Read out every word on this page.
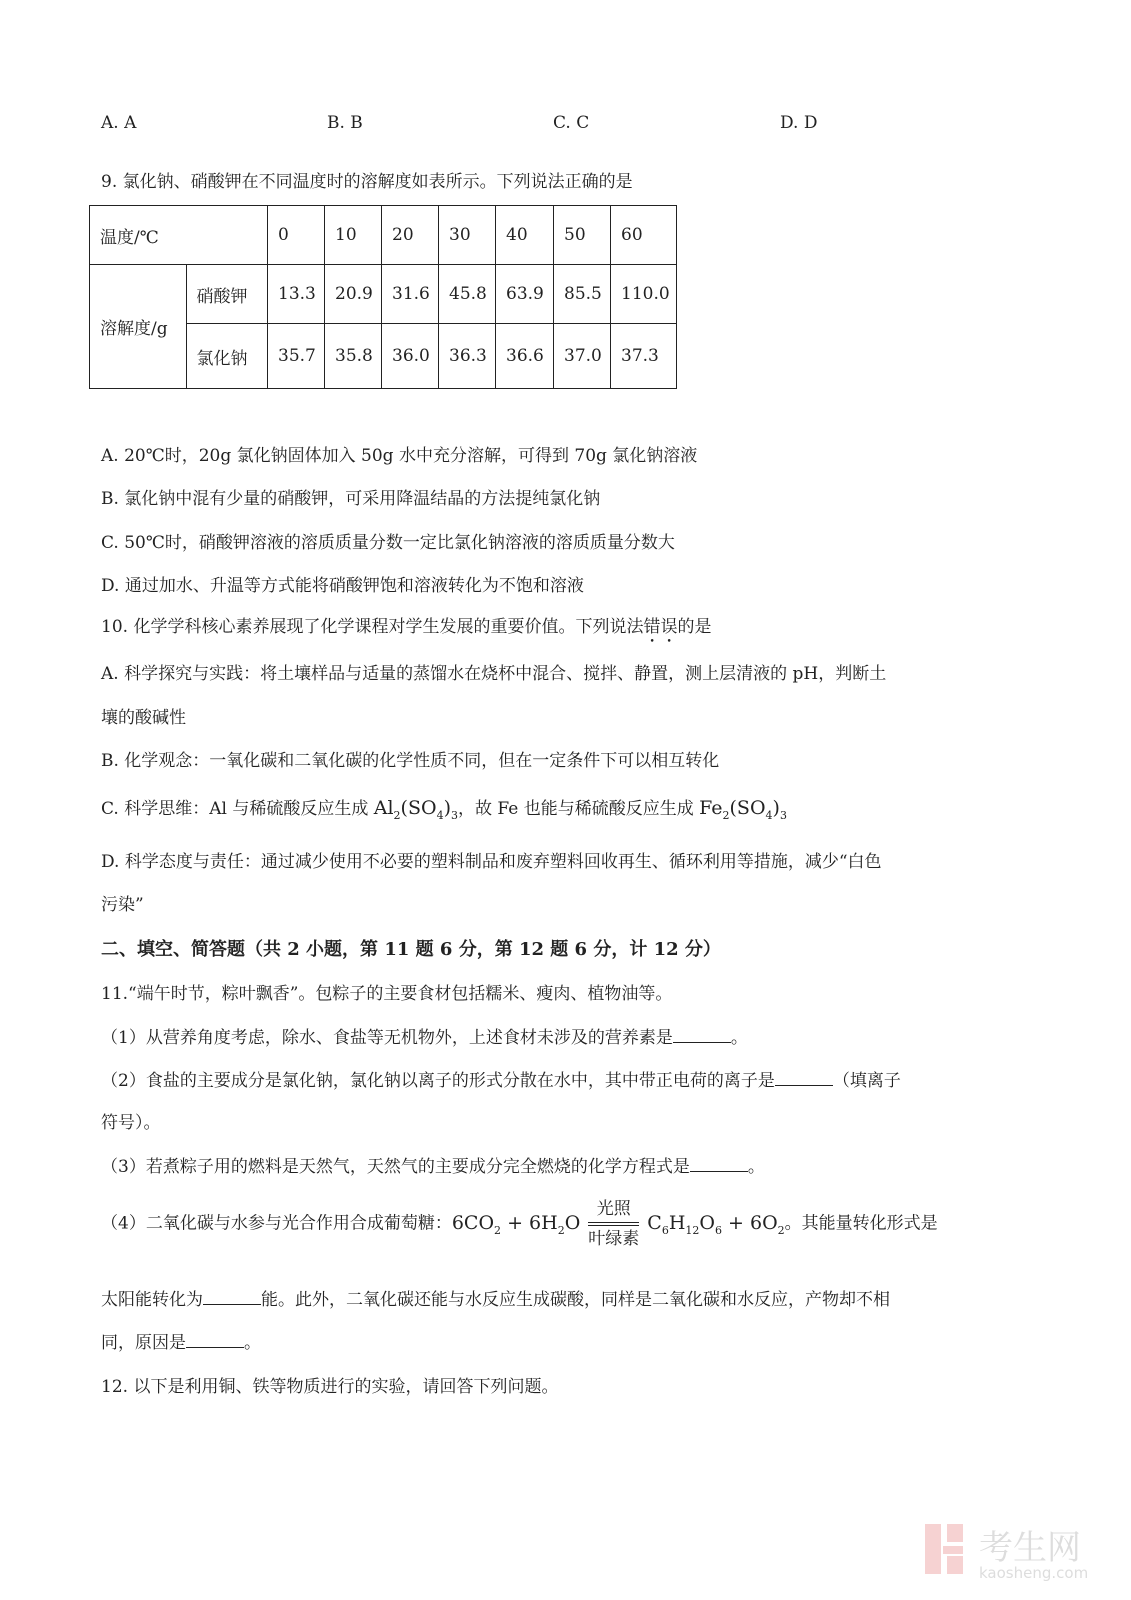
A. A	B. B	C. C	D. D
9. 氯化钠、硝酸钾在不同温度时的溶解度如表所示。下列说法正确的是
温度/℃		0	10	20	30	40	50	60
溶解度/g	硝酸钾	13.3	20.9	31.6	45.8	63.9	85.5	110.0
	氯化钠	35.7	35.8	36.0	36.3	36.6	37.0	37.3
A. 20℃时，20g 氯化钠固体加入 50g 水中充分溶解，可得到 70g 氯化钠溶液
B. 氯化钠中混有少量的硝酸钾，可采用降温结晶的方法提纯氯化钠
C. 50℃时，硝酸钾溶液的溶质质量分数一定比氯化钠溶液的溶质质量分数大
D. 通过加水、升温等方式能将硝酸钾饱和溶液转化为不饱和溶液
10. 化学学科核心素养展现了化学课程对学生发展的重要价值。下列说法错误的是
A. 科学探究与实践：将土壤样品与适量的蒸馏水在烧杯中混合、搅拌、静置，测上层清液的 pH，判断土
壤的酸碱性
B. 化学观念：一氧化碳和二氧化碳的化学性质不同，但在一定条件下可以相互转化
C. 科学思维：Al 与稀硫酸反应生成 $Al_2(SO_4)_3$，故 Fe 也能与稀硫酸反应生成 $Fe_2(SO_4)_3$
D. 科学态度与责任：通过减少使用不必要的塑料制品和废弃塑料回收再生、循环利用等措施，减少“白色
污染”
二、填空、简答题（共 2 小题，第 11 题 6 分，第 12 题 6 分，计 12 分）
11.“端午时节，粽叶飘香”。包粽子的主要食材包括糯米、瘦肉、植物油等。
（1）从营养角度考虑，除水、食盐等无机物外，上述食材未涉及的营养素是	。
（2）食盐的主要成分是氯化钠，氯化钠以离子的形式分散在水中，其中带正电荷的离子是	（填离子
符号）。
（3）若煮粽子用的燃料是天然气，天然气的主要成分完全燃烧的化学方程式是	。
（4）二氧化碳与水参与光合作用合成葡萄糖：$6CO_2 + 6H_2O \frac{\text{光照}}{\text{叶绿素}} C_6H_{12}O_6 + 6O_2$。其能量转化形式是
太阳能转化为	能。此外，二氧化碳还能与水反应生成碳酸，同样是二氧化碳和水反应，产物却不相
同，原因是	。
12. 以下是利用铜、铁等物质进行的实验，请回答下列问题。
考生网
kaosheng.com
